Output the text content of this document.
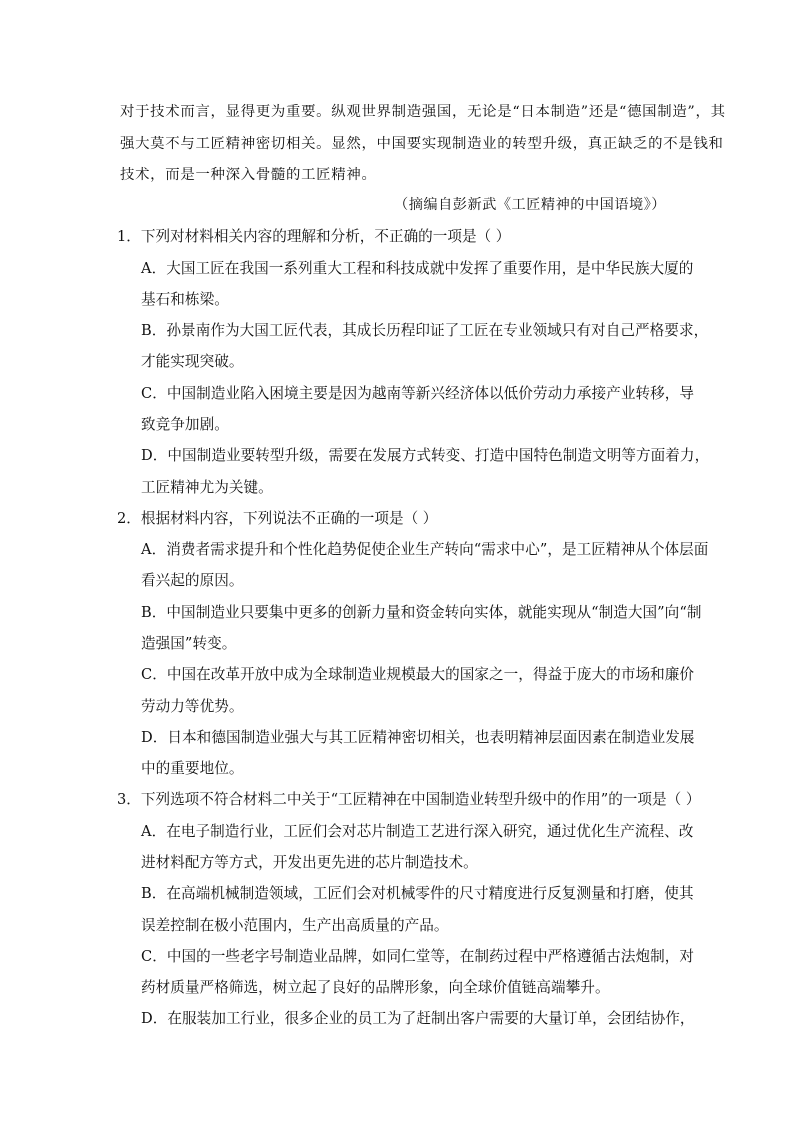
对于技术而言，显得更为重要。纵观世界制造强国，无论是“日本制造”还是“德国制造”，其
强大莫不与工匠精神密切相关。显然，中国要实现制造业的转型升级，真正缺乏的不是钱和
技术，而是一种深入骨髓的工匠精神。
（摘编自彭新武《工匠精神的中国语境》）
1．下列对材料相关内容的理解和分析，不正确的一项是（ ）
A．大国工匠在我国一系列重大工程和科技成就中发挥了重要作用，是中华民族大厦的
基石和栋梁。
B．孙景南作为大国工匠代表，其成长历程印证了工匠在专业领域只有对自己严格要求，
才能实现突破。
C．中国制造业陷入困境主要是因为越南等新兴经济体以低价劳动力承接产业转移，导
致竞争加剧。
D．中国制造业要转型升级，需要在发展方式转变、打造中国特色制造文明等方面着力，
工匠精神尤为关键。
2．根据材料内容，下列说法不正确的一项是（ ）
A．消费者需求提升和个性化趋势促使企业生产转向“需求中心”，是工匠精神从个体层面
看兴起的原因。
B．中国制造业只要集中更多的创新力量和资金转向实体，就能实现从“制造大国”向“制
造强国”转变。
C．中国在改革开放中成为全球制造业规模最大的国家之一，得益于庞大的市场和廉价
劳动力等优势。
D．日本和德国制造业强大与其工匠精神密切相关，也表明精神层面因素在制造业发展
中的重要地位。
3．下列选项不符合材料二中关于“工匠精神在中国制造业转型升级中的作用”的一项是（ ）
A．在电子制造行业，工匠们会对芯片制造工艺进行深入研究，通过优化生产流程、改
进材料配方等方式，开发出更先进的芯片制造技术。
B．在高端机械制造领域，工匠们会对机械零件的尺寸精度进行反复测量和打磨，使其
误差控制在极小范围内，生产出高质量的产品。
C．中国的一些老字号制造业品牌，如同仁堂等，在制药过程中严格遵循古法炮制，对
药材质量严格筛选，树立起了良好的品牌形象，向全球价值链高端攀升。
D．在服装加工行业，很多企业的员工为了赶制出客户需要的大量订单，会团结协作，
